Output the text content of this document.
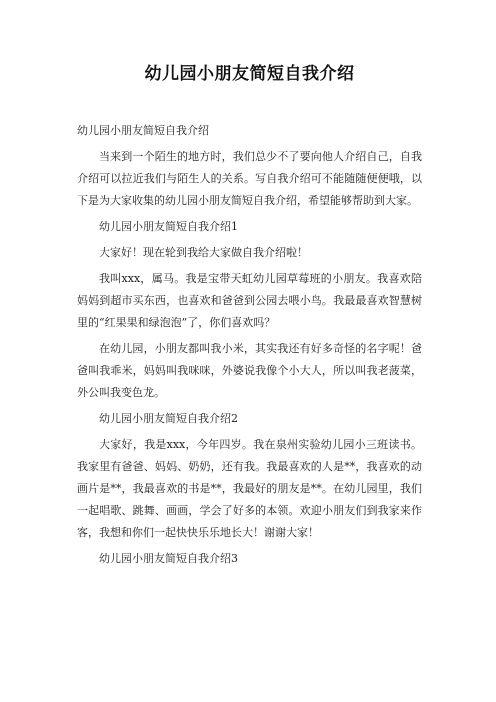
幼儿园小朋友简短自我介绍

幼儿园小朋友简短自我介绍

当来到一个陌生的地方时，我们总少不了要向他人介绍自己，自我介绍可以拉近我们与陌生人的关系。写自我介绍可不能随随便便哦，以下是为大家收集的幼儿园小朋友简短自我介绍，希望能够帮助到大家。

幼儿园小朋友简短自我介绍1

大家好！现在轮到我给大家做自我介绍啦！

我叫xxx，属马。我是宝带天虹幼儿园草莓班的小朋友。我喜欢陪妈妈到超市买东西，也喜欢和爸爸到公园去喂小鸟。我最最喜欢智慧树里的“红果果和绿泡泡”了，你们喜欢吗？

在幼儿园，小朋友都叫我小米，其实我还有好多奇怪的名字呢！爸爸叫我乖米，妈妈叫我咪咪，外婆说我像个小大人，所以叫我老菠菜，外公叫我变色龙。

幼儿园小朋友简短自我介绍2

大家好，我是xxx，今年四岁。我在泉州实验幼儿园小三班读书。我家里有爸爸、妈妈、奶奶，还有我。我最喜欢的人是**，我喜欢的动画片是**，我最喜欢的书是**，我最好的朋友是**。在幼儿园里，我们一起唱歌、跳舞、画画，学会了好多的本领。欢迎小朋友们到我家来作客，我想和你们一起快快乐乐地长大！谢谢大家！

幼儿园小朋友简短自我介绍3
